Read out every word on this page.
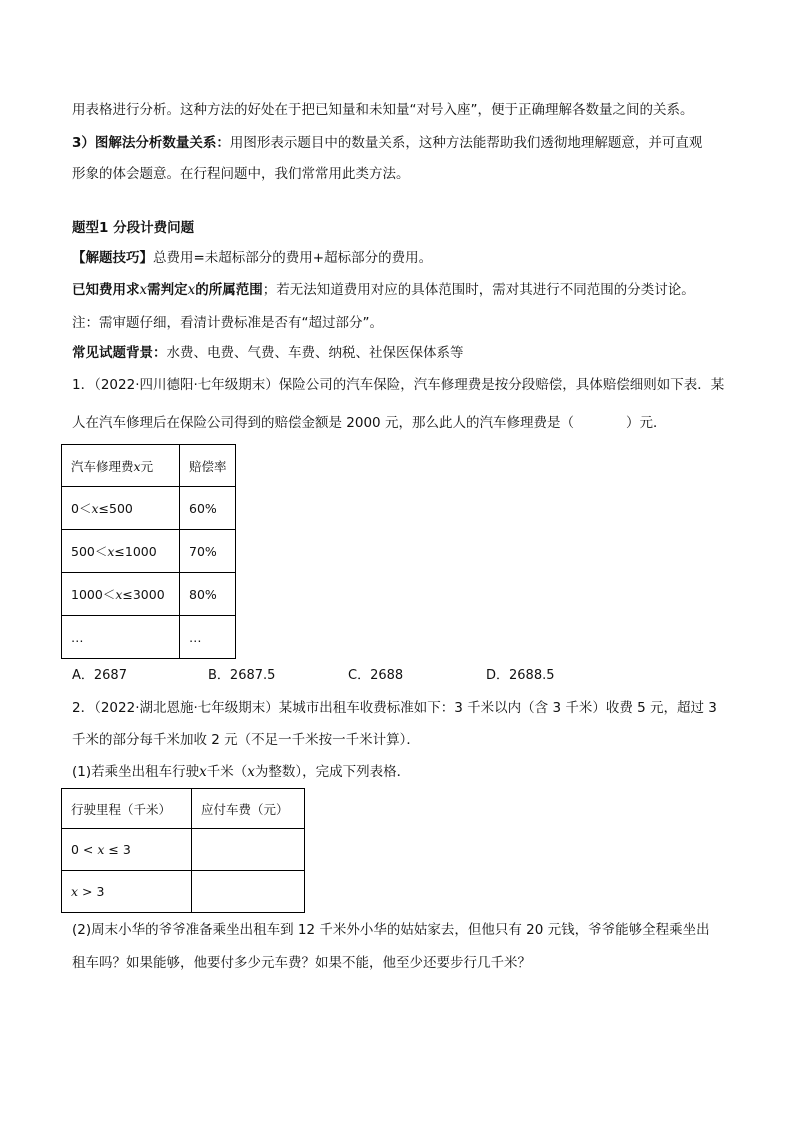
用表格进行分析。这种方法的好处在于把已知量和未知量“对号入座”，便于正确理解各数量之间的关系。

3）图解法分析数量关系：用图形表示题目中的数量关系，这种方法能帮助我们透彻地理解题意，并可直观

形象的体会题意。在行程问题中，我们常常用此类方法。

题型1 分段计费问题

【解题技巧】总费用=未超标部分的费用+超标部分的费用。

已知费用求x需判定x的所属范围；若无法知道费用对应的具体范围时，需对其进行不同范围的分类讨论。

注：需审题仔细，看清计费标准是否有“超过部分”。

常见试题背景：水费、电费、气费、车费、纳税、社保医保体系等

1．（2022·四川德阳·七年级期末）保险公司的汽车保险，汽车修理费是按分段赔偿，具体赔偿细则如下表．某

人在汽车修理后在保险公司得到的赔偿金额是 2000 元，那么此人的汽车修理费是（	）元．

汽车修理费x元	赔偿率
0＜x≤500	60%
500＜x≤1000	70%
1000＜x≤3000	80%
…	…
A．2687	B．2687.5	C．2688	D．2688.5

2．（2022·湖北恩施·七年级期末）某城市出租车收费标准如下：3 千米以内（含 3 千米）收费 5 元，超过 3

千米的部分每千米加收 2 元（不足一千米按一千米计算）．

(1)若乘坐出租车行驶x千米（x为整数），完成下列表格．

行驶里程（千米）	应付车费（元）
0 < x ≤ 3	
x > 3	

(2)周末小华的爷爷准备乘坐出租车到 12 千米外小华的姑姑家去，但他只有 20 元钱，爷爷能够全程乘坐出

租车吗？如果能够，他要付多少元车费？如果不能，他至少还要步行几千米？
